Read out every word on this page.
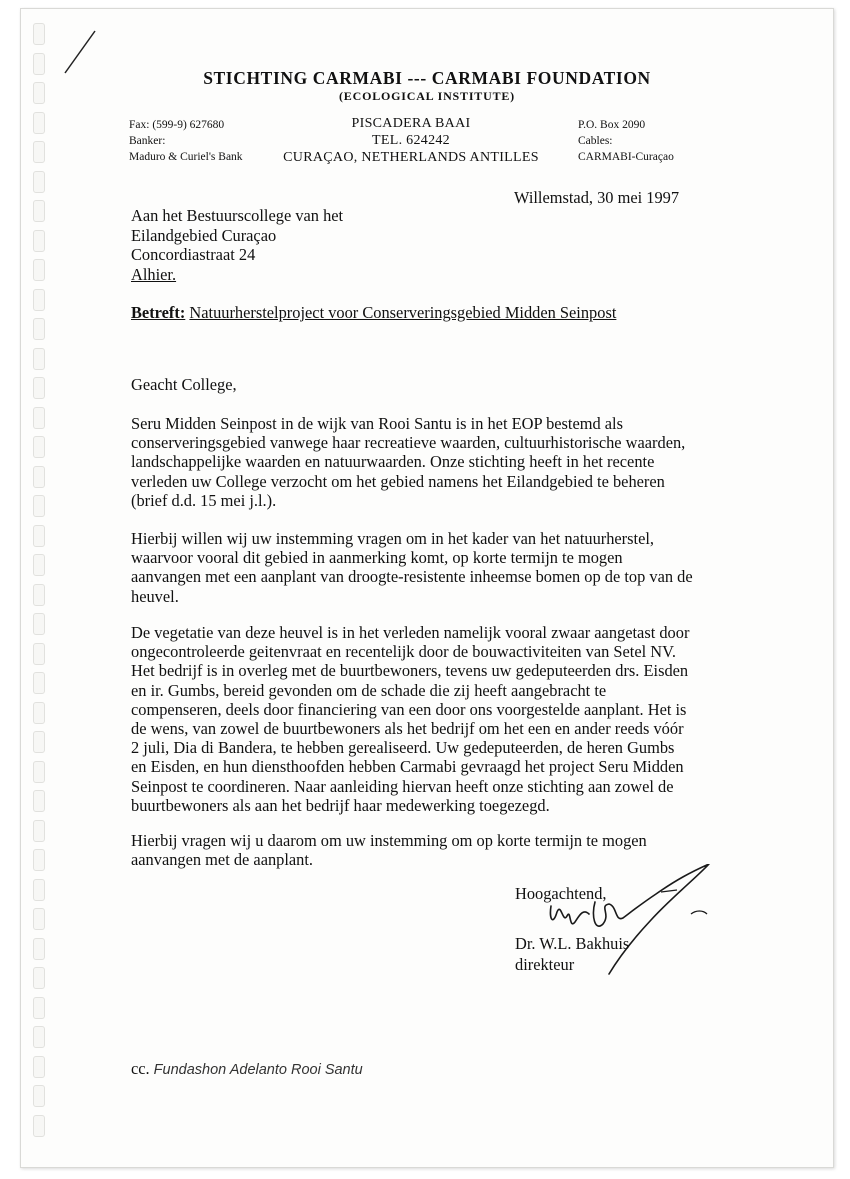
STICHTING CARMABI --- CARMABI FOUNDATION
(ECOLOGICAL INSTITUTE)
Fax: (599-9) 627680
Banker:
Maduro & Curiel's Bank
PISCADERA BAAI
TEL. 624242
CURAÇAO, NETHERLANDS ANTILLES
P.O. Box 2090
Cables:
CARMABI-Curaçao
Willemstad, 30 mei 1997
Aan het Bestuurscollege van het
Eilandgebied Curaçao
Concordiastraat 24
Alhier.
Betreft: Natuurherstelproject voor Conserveringsgebied Midden Seinpost
Geacht College,
Seru Midden Seinpost in de wijk van Rooi Santu is in het EOP bestemd als
conserveringsgebied vanwege haar recreatieve waarden, cultuurhistorische waarden,
landschappelijke waarden en natuurwaarden. Onze stichting heeft in het recente
verleden uw College verzocht om het gebied namens het Eilandgebied te beheren
(brief d.d. 15 mei j.l.).
Hierbij willen wij uw instemming vragen om in het kader van het natuurherstel,
waarvoor vooral dit gebied in aanmerking komt, op korte termijn te mogen
aanvangen met een aanplant van droogte-resistente inheemse bomen op de top van de
heuvel.
De vegetatie van deze heuvel is in het verleden namelijk vooral zwaar aangetast door
ongecontroleerde geitenvraat en recentelijk door de bouwactiviteiten van Setel NV.
Het bedrijf is in overleg met de buurtbewoners, tevens uw gedeputeerden drs. Eisden
en ir. Gumbs, bereid gevonden om de schade die zij heeft aangebracht te
compenseren, deels door financiering van een door ons voorgestelde aanplant. Het is
de wens, van zowel de buurtbewoners als het bedrijf om het een en ander reeds vóór
2 juli, Dia di Bandera, te hebben gerealiseerd. Uw gedeputeerden, de heren Gumbs
en Eisden, en hun diensthoofden hebben Carmabi gevraagd het project Seru Midden
Seinpost te coordineren. Naar aanleiding hiervan heeft onze stichting aan zowel de
buurtbewoners als aan het bedrijf haar medewerking toegezegd.
Hierbij vragen wij u daarom om uw instemming om op korte termijn te mogen
aanvangen met de aanplant.
Hoogachtend,
Dr. W.L. Bakhuis
direkteur
cc. Fundashon Adelanto Rooi Santu
